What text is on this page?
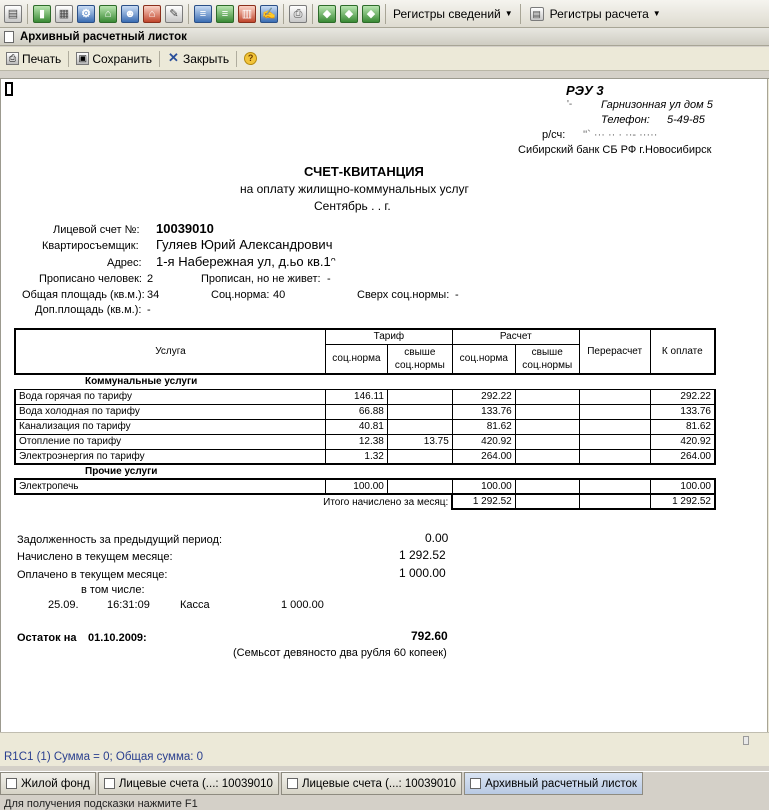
▤	▮	▦	⚙	⌂	☻	⌂	✎	≡	≡	▥ ✍	⎙	◆	◆	◆	Регистры сведений ▼	▤ Регистры расчета ▼
Архивный расчетный листок
⎙ Печать ▣ Сохранить ✕ Закрыть	?
РЭУ 3
'-	Гарнизонная ул дом 5
Телефон: 5-49-85
р/сч: ''` ··· ·· · ··- ·····
Сибирский банк СБ РФ г.Новосибирск
СЧЕТ-КВИТАНЦИЯ
на оплату жилищно-коммунальных услуг
Сентябрь . . г.
Лицевой счет №: 10039010
Квартиросъемщик: Гуляев Юрий Александрович
Адрес: 1-я Набережная ул, д.ьо кв.1ᵔ
Прописано человек: 2	Прописан, но не живет: -
Общая площадь (кв.м.): 34	Соц.норма: 40	Сверх соц.нормы: -
Доп.площадь (кв.м.): -
Услуга	Тариф		Расчет		Перерасчет	К оплате
	соц.норма	свыше соц.нормы	соц.норма	свыше соц.нормы		
Коммунальные услуги						
Вода горячая по тарифу	146.11		292.22			292.22
Вода холодная по тарифу	66.88		133.76			133.76
Канализация по тарифу	40.81		81.62			81.62
Отопление по тарифу	12.38	13.75	420.92			420.92
Электроэнергия по тарифу	1.32		264.00			264.00
Прочие услуги						
Электропечь	100.00		100.00			100.00
Итого начислено за месяц:			1 292.52			1 292.52
Задолженность за предыдущий период:	0.00
Начислено в текущем месяце:	1 292.52
Оплачено в текущем месяце:	1 000.00
в том числе:
25.09.	16:31:09	Касса	1 000.00
Остаток на 01.10.2009:	792.60
(Семьсот девяносто два рубля 60 копеек)
R1C1 (1) Сумма = 0; Общая сумма: 0
Жилой фонд	Лицевые счета (...: 10039010	Лицевые счета (...: 10039010	Архивный расчетный листок
Для получения подсказки нажмите F1
